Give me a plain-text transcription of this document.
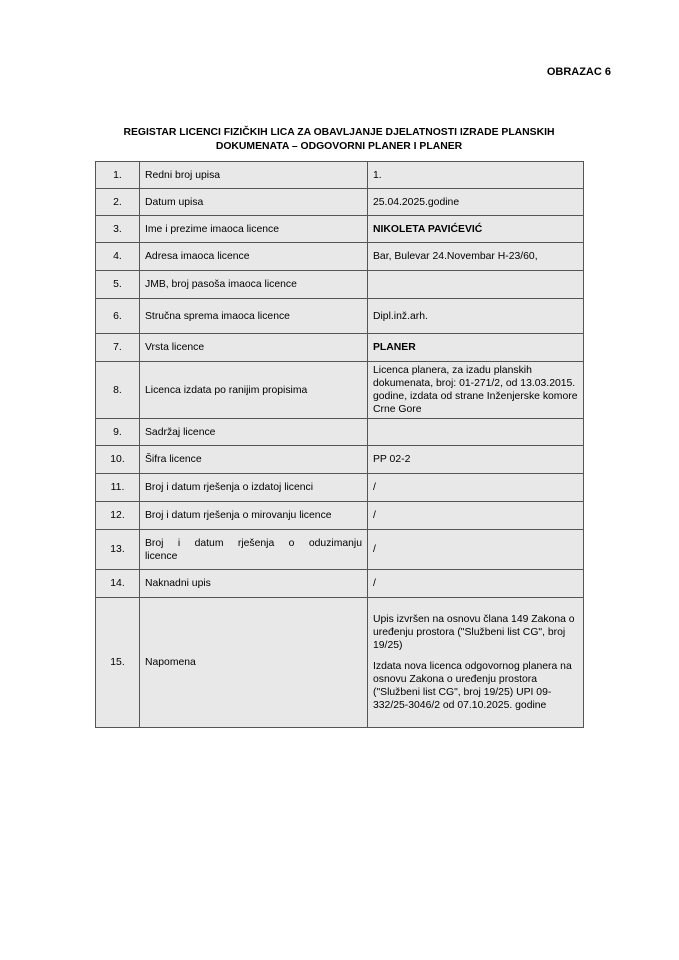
OBRAZAC 6
REGISTAR LICENCI FIZIČKIH LICA ZA OBAVLJANJE DJELATNOSTI IZRADE PLANSKIH
DOKUMENATA – ODGOVORNI PLANER I PLANER
1.	Redni broj upisa	1.
2.	Datum upisa	25.04.2025.godine
3.	Ime i prezime imaoca licence	NIKOLETA PAVIĆEVIĆ
4.	Adresa imaoca licence	Bar, Bulevar 24.Novembar H-23/60,
5.	JMB, broj pasoša imaoca licence	
6.	Stručna sprema imaoca licence	Dipl.inž.arh.
7.	Vrsta licence	PLANER
8.	Licenca izdata po ranijim propisima	Licenca planera, za izadu planskih dokumenata, broj: 01-271/2, od 13.03.2015. godine, izdata od strane Inženjerske komore Crne Gore
9.	Sadržaj licence	
10.	Šifra licence	PP 02-2
11.	Broj i datum rješenja o izdatoj licenci	/
12.	Broj i datum rješenja o mirovanju licence	/
13.	Broj i datum rješenja o oduzimanju
licence	/
14.	Naknadni upis	/
15.	Napomena	Upis izvršen na osnovu člana 149 Zakona o uređenju prostora ("Službeni list CG", broj 19/25)
Izdata nova licenca odgovornog planera na osnovu Zakona o uređenju prostora ("Službeni list CG", broj 19/25) UPI 09-332/25-3046/2 od 07.10.2025. godine
